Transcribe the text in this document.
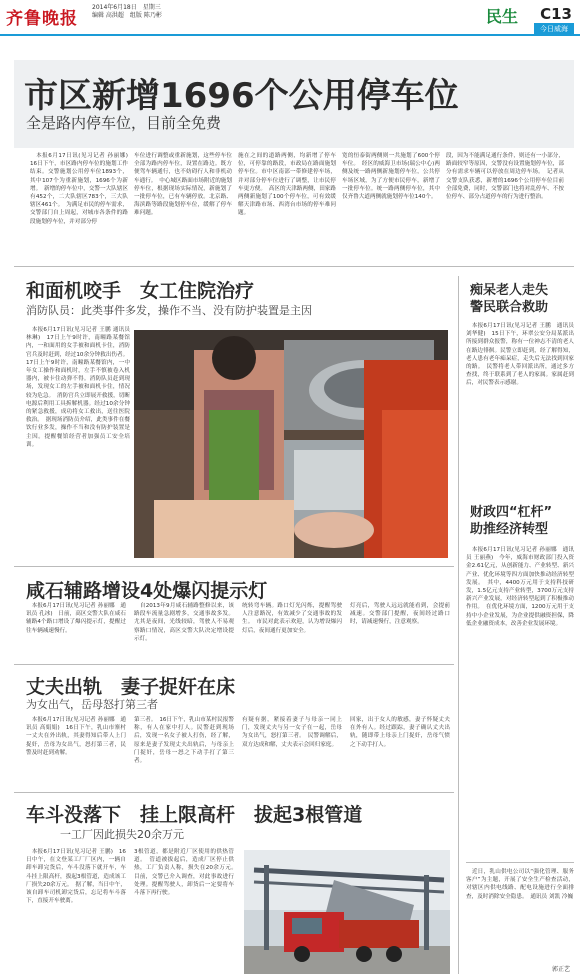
齐鲁晚报
2014年6月18日　星期三
编辑 高洪超　组版 陈乃彬	民生 C13
今日威海
市区新增1696个公用停车位
全是路内停车位，目前全免费
　本报6月17日讯(见习记者 孙丽娜)　16日下午，市区路内停车位的施划工作结束。交警施划公用停车位1893个，其中107个为重新施划，1696个为新增。　新增的停车位中，交警一大队辖区有452个，二大队辖区783个，三大队辖区461个。　为满足市民的停车需求，交警部门自上周起，对城市各条件的路段施划停车位，并对部分停
车位进行调整或重新施划，这些停车位全部为路内停车位，设置在路边。既方便驾车辆通行，也不妨碍行人和非机动车通行。　中心城区路面市场附近的施划停车位，根据现场实际情况，新施划了一批停车位，已有车辆停放。北京路、海滨路等路段施划停车位，缓解了停车难问题。
施在之间的道路两侧，均新增了停车位，可停靠的路段，市政局在路面施划停车位。市中区南部一带修建停车场，并对部分停车位进行了调整，让市民停车更方便。　高区的天津路两侧，田家路两侧新施划了100个停车位，可有效缓解天津路市场、西湾台市场的停车难问题。
宽的恒泰街两侧则一共施划了600个停车位。　经区的威海卫市场(瑞公中心)两侧及统一路两侧新施划停车位，公共停车场区域，为了方便市民停车，新增了一批停车位。统一路两侧停车位，其中仅齐鲁大道两侧就施划停车位140个。
段，因为不能满足通行条件，则还有一小部分，路面较窄等原因，交警没有设置施划停车位，部分有需求车辆可以停放在周边停车场。　记者从交警支队获悉，新增的1696个公用停车位目前全部免费，同时，交警部门也将对乱停车、不按位停车、部分占道停车的行为进行整治。
和面机咬手　女工住院治疗
消防队员：此类事件多发，操作不当、没有防护装置是主因
　本报6月17日讯(见习记者 王鹏 通讯员 林琳)　17日上午9时许，南疃路某餐馆内，一和面用的女手被和面机卡住，消防官兵及时赶到，经过10余分钟救出伤者。　17日上午9时许，南疃路某餐馆内，一中年女工操作和面机时，左手不慎被卷入机器内，被卡住动弹不得。消防队员赶到现场，发现女工的左手被和面机卡住，情况较为危急。　消防官兵立即展开救援，切断电源后利用工具拆解机器。经过10余分钟的紧急救援，成功将女工救出，送往医院救治。　据现场消防员介绍，此类事件在餐饮行业多发，操作不当和没有防护装置是主因。提醒餐馆经营者加强员工安全培训。
咸石辅路增设4处爆闪提示灯
　本报6月17日讯(见习记者 孙丽娜　通讯员 孔冰)　日前，高区交警大队在咸石辅路4个路口增设了爆闪提示灯，提醒过往车辆减速慢行。
　自2013年9月咸石辅路整修以来，该路段车流量急剧增多，交通事故多发。尤其是夜间，光线较暗，驾驶人不易观察路口情况，高区交警大队决定增设提示灯。
统转弯车辆。路口灯光闪烁，提醒驾驶人注意路况，有效减少了交通事故的发生。　市民对此表示欢迎，认为增设爆闪灯后，夜间通行更加安全。
灯亮后，驾驶人远远就能看到，会提前减速。交警部门提醒，夜间经过路口时，请减速慢行，注意观察。
丈夫出轨　妻子捉奸在床
为女出气，岳母怒打第三者
　本报6月17日讯(见习记者 孙丽娜　通讯员 高娟娟)　16日下午，乳山市寨村一丈夫在外出轨，其妻得知后带人上门捉奸，岳母为女出气，怒打第三者，民警及时赶到劝解。
第三者。　16日下午，乳山市某村民报警称，有人在家中打人。民警赶到现场后，发现一名女子被人打伤，经了解，原来是妻子发现丈夫出轨后，与母亲上门捉奸，岳母一怒之下动手打了第三者。
有疑有据，紧接着妻子与母亲一同上门，发现丈夫与另一女子在一起，岳母为女出气，怒打第三者。　民警调解后，双方达成和解，丈夫表示会回归家庭。
回家，出于女人的敏感，妻子怀疑丈夫在外有人。经过跟踪，妻子确认丈夫出轨，随即带上母亲上门捉奸，岳母气愤之下动手打人。
车斗没落下　挂上限高杆　拔起3根管道
一工厂因此损失20余万元
　本报6月17日讯(见习记者 王鹏)　16日中午，在文登某工厂厂区内，一辆自卸车卸完货后，车斗没落下就开车，车斗挂上限高杆，拔起3根管道，造成该工厂损失20余万元。　据了解，当日中午，该自卸车司机卸完货后，忘记将车斗落下，直接开车驶离。
3根管道，都是附近厂区使用的供热管道。　管道被拔起后，造成厂区停止供热，工厂负责人称，损失在20余万元。　目前，交警已介入调查，对此事故进行处理。提醒驾驶人，卸货后一定要将车斗落下再行驶。
痴呆老人走失
警民联合救助
　本报6月17日讯(见习记者 王鹏　通讯员 刘华健)　15日下午，环翠公安分局某派出所接到群众报警，称有一位神志不清的老人在路边徘徊。民警立即赶到，经了解得知，老人患有老年痴呆症，走失后无法找到回家的路。　民警将老人带回派出所，通过多方查找，终于联系到了老人的家属。家属赶到后，对民警表示感谢。
财政四“杠杆”
助推经济转型
　本报6月17日讯(见习记者 孙丽娜　通讯员 王丽燕)　今年，威海市财政部门投入资金2.61亿元，从创新能力、产业转型、新兴产业、优化环境等四方面加快推动经济转型发展。　其中，4400万元用于支持科技研发，1.5亿元支持产业转型，3700万元支持新兴产业发展，对经济转型起到了积极推动作用。　在优化环境方面，1200万元用于支持中小企业发展，为企业提供融资担保，降低企业融资成本，改善企业发展环境。
　近日，乳山供电公司以“强化管理、服务客户”为主题，开展了安全生产检查活动，对辖区内供电线路、配电设施进行全面排查，及时消除安全隐患。　通讯员 刘凯 冷巍
郭正艺
